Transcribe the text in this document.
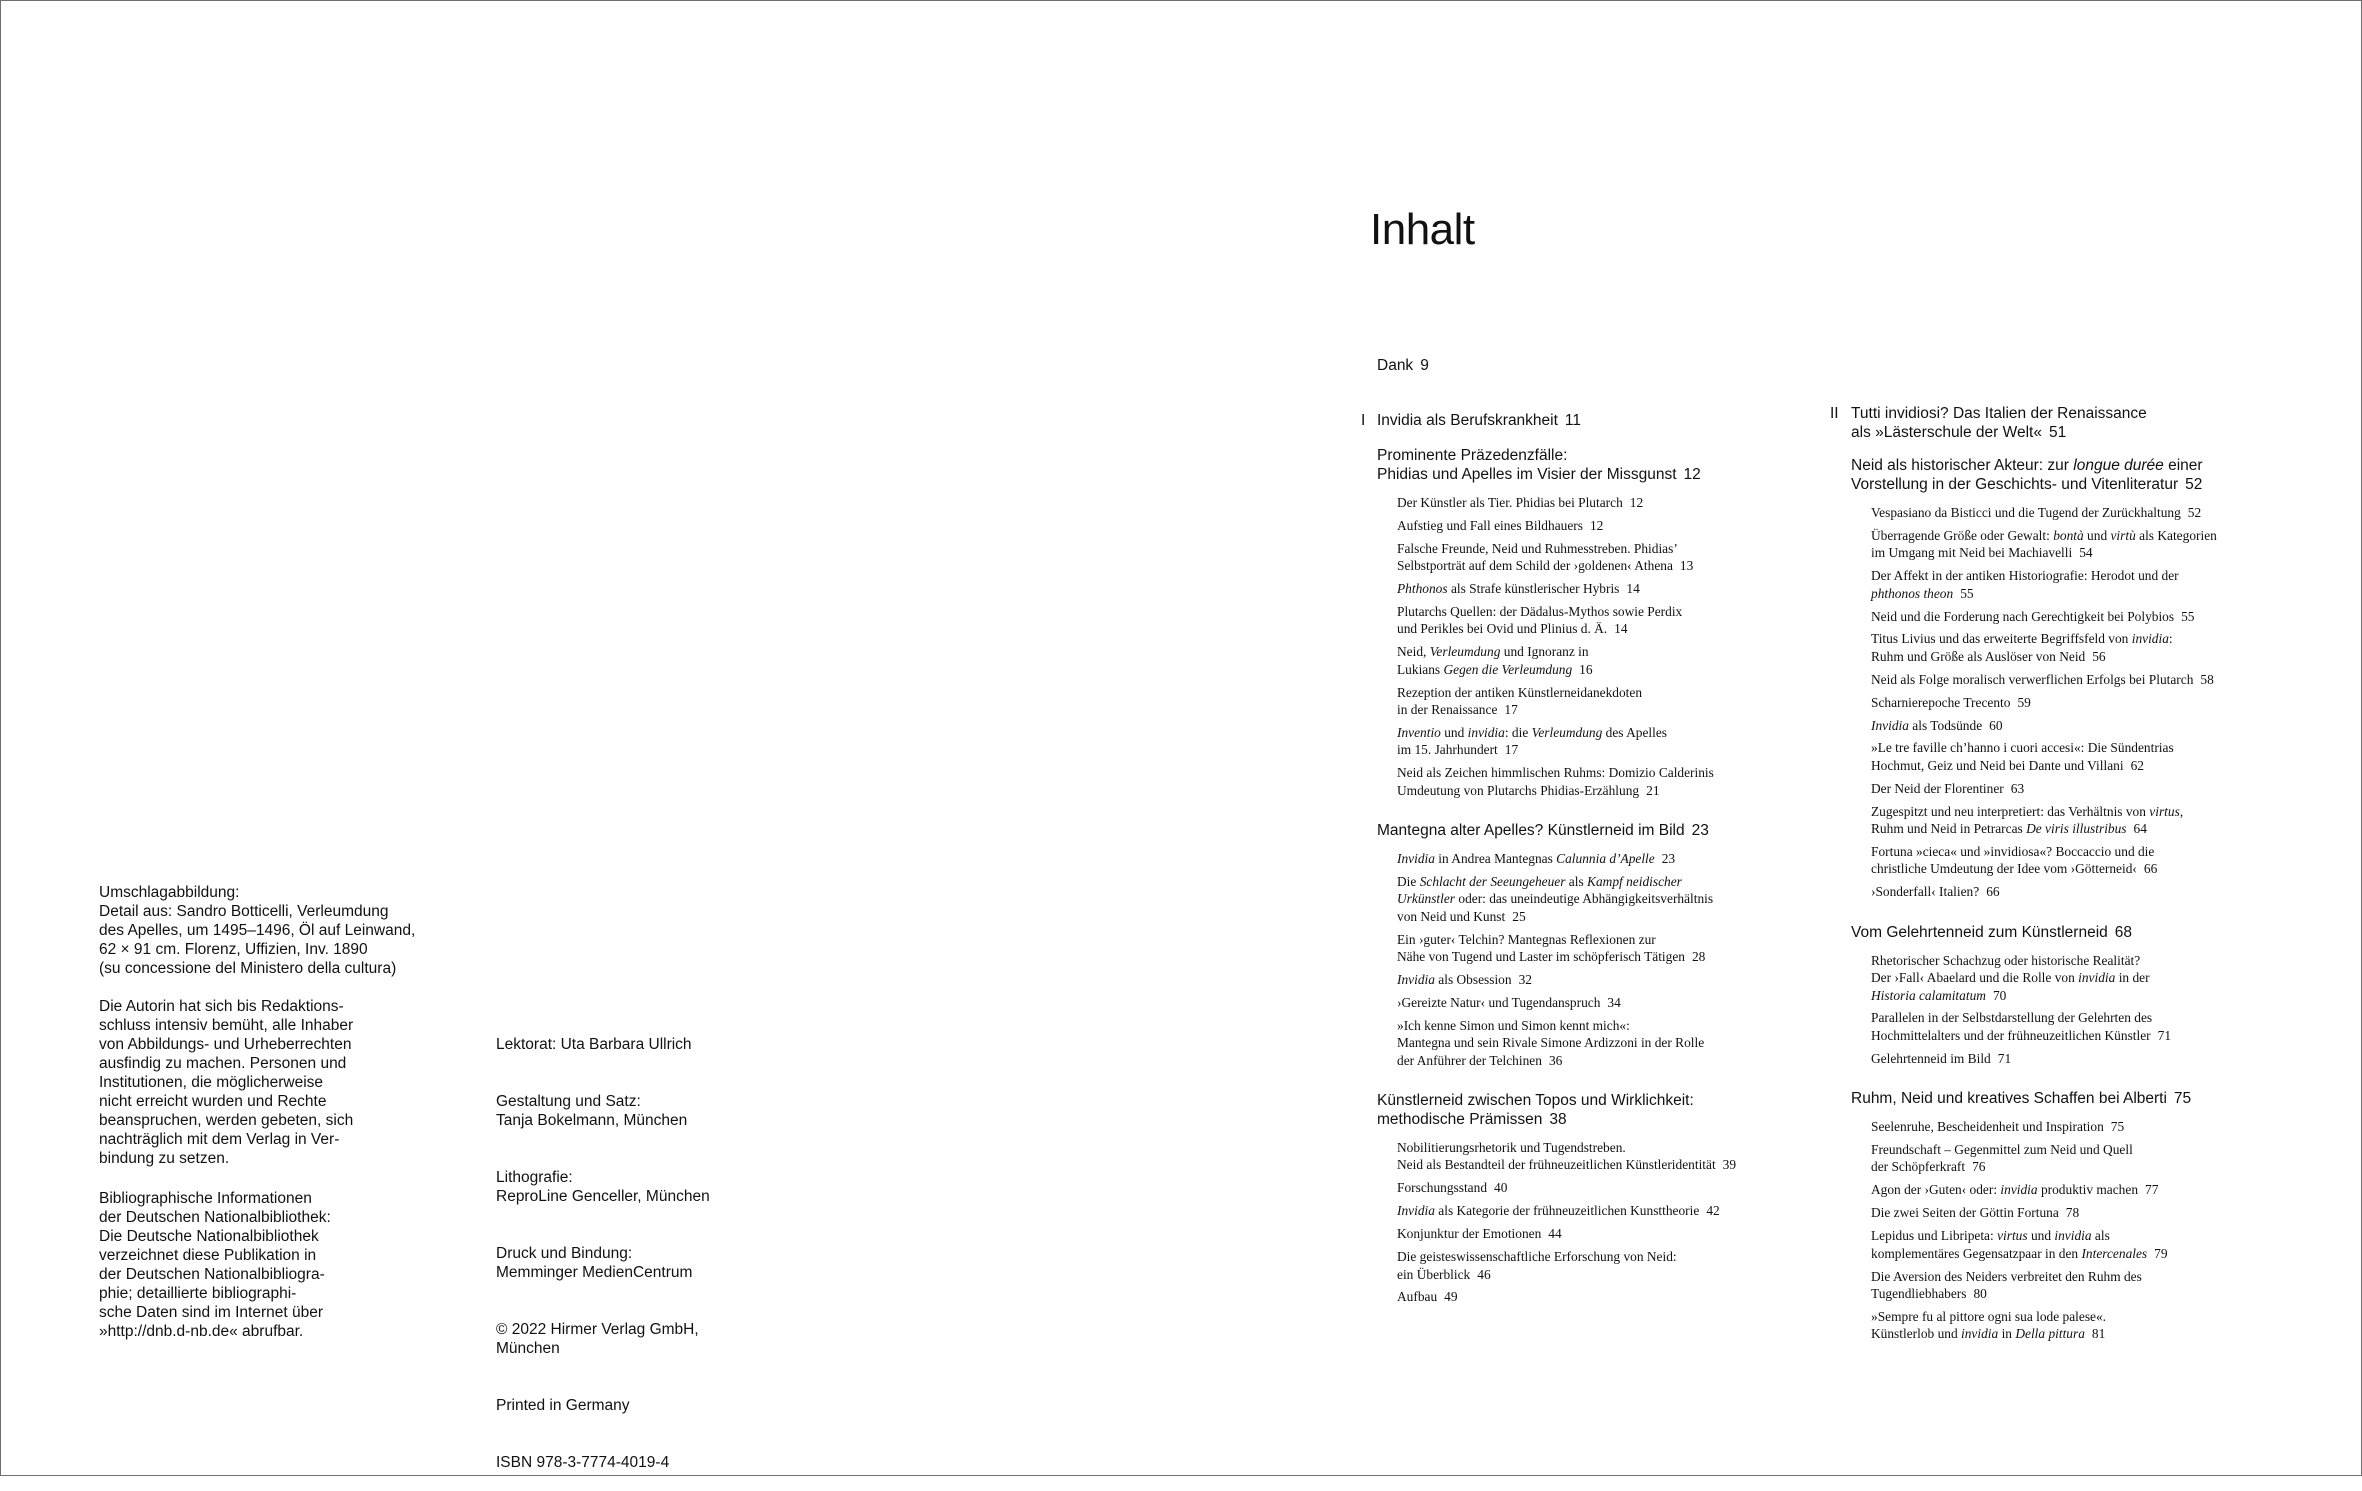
Umschlagabbildung:
Detail aus: Sandro Botticelli, Verleumdung
des Apelles, um 1495–1496, Öl auf Leinwand,
62 × 91 cm. Florenz, Uffizien, Inv. 1890
(su concessione del Ministero della cultura)
Die Autorin hat sich bis Redaktions-
schluss intensiv bemüht, alle Inhaber
von Abbildungs- und Urheberrechten
ausfindig zu machen. Personen und
Institutionen, die möglicherweise
nicht erreicht wurden und Rechte
beanspruchen, werden gebeten, sich
nachträglich mit dem Verlag in Ver-
bindung zu setzen.
Bibliographische Informationen
der Deutschen Nationalbibliothek:
Die Deutsche Nationalbibliothek
verzeichnet diese Publikation in
der Deutschen Nationalbibliogra-
phie; detaillierte bibliographi-
sche Daten sind im Internet über
»http://dnb.d-nb.de« abrufbar.

Lektorat: Uta Barbara Ullrich

Gestaltung und Satz:
Tanja Bokelmann, München

Lithografie:
ReproLine Genceller, München

Druck und Bindung:
Memminger MedienCentrum

© 2022 Hirmer Verlag GmbH,
München

Printed in Germany

ISBN 978-3-7774-4019-4

Inhalt
Dank 9
I Invidia als Berufskrankheit 11
Prominente Präzedenzfälle:
Phidias und Apelles im Visier der Missgunst 12
Der Künstler als Tier. Phidias bei Plutarch 12
Aufstieg und Fall eines Bildhauers 12
Falsche Freunde, Neid und Ruhmesstreben. Phidias’
Selbstporträt auf dem Schild der ›goldenen‹ Athena 13
Phthonos als Strafe künstlerischer Hybris 14
Plutarchs Quellen: der Dädalus-Mythos sowie Perdix
und Perikles bei Ovid und Plinius d. Ä. 14
Neid, Verleumdung und Ignoranz in
Lukians Gegen die Verleumdung 16
Rezeption der antiken Künstlerneidanekdoten
in der Renaissance 17
Inventio und invidia: die Verleumdung des Apelles
im 15. Jahrhundert 17
Neid als Zeichen himmlischen Ruhms: Domizio Calderinis
Umdeutung von Plutarchs Phidias-Erzählung 21
Mantegna alter Apelles? Künstlerneid im Bild 23
Invidia in Andrea Mantegnas Calunnia d’Apelle 23
Die Schlacht der Seeungeheuer als Kampf neidischer
Urkünstler oder: das uneindeutige Abhängigkeitsverhältnis
von Neid und Kunst 25
Ein ›guter‹ Telchin? Mantegnas Reflexionen zur
Nähe von Tugend und Laster im schöpferisch Tätigen 28
Invidia als Obsession 32
›Gereizte Natur‹ und Tugendanspruch 34
»Ich kenne Simon und Simon kennt mich«:
Mantegna und sein Rivale Simone Ardizzoni in der Rolle
der Anführer der Telchinen 36
Künstlerneid zwischen Topos und Wirklichkeit:
methodische Prämissen 38
Nobilitierungsrhetorik und Tugendstreben.
Neid als Bestandteil der frühneuzeitlichen Künstleridentität 39
Forschungsstand 40
Invidia als Kategorie der frühneuzeitlichen Kunsttheorie 42
Konjunktur der Emotionen 44
Die geisteswissenschaftliche Erforschung von Neid:
ein Überblick 46
Aufbau 49
II Tutti invidiosi? Das Italien der Renaissance
als »Lästerschule der Welt« 51
Neid als historischer Akteur: zur longue durée einer
Vorstellung in der Geschichts- und Vitenliteratur 52
Vespasiano da Bisticci und die Tugend der Zurückhaltung 52
Überragende Größe oder Gewalt: bontà und virtù als Kategorien
im Umgang mit Neid bei Machiavelli 54
Der Affekt in der antiken Historiografie: Herodot und der
phthonos theon 55
Neid und die Forderung nach Gerechtigkeit bei Polybios 55
Titus Livius und das erweiterte Begriffsfeld von invidia:
Ruhm und Größe als Auslöser von Neid 56
Neid als Folge moralisch verwerflichen Erfolgs bei Plutarch 58
Scharnierepoche Trecento 59
Invidia als Todsünde 60
»Le tre faville ch’hanno i cuori accesi«: Die Sündentrias
Hochmut, Geiz und Neid bei Dante und Villani 62
Der Neid der Florentiner 63
Zugespitzt und neu interpretiert: das Verhältnis von virtus,
Ruhm und Neid in Petrarcas De viris illustribus 64
Fortuna »cieca« und »invidiosa«? Boccaccio und die
christliche Umdeutung der Idee vom ›Götterneid‹ 66
›Sonderfall‹ Italien? 66
Vom Gelehrtenneid zum Künstlerneid 68
Rhetorischer Schachzug oder historische Realität?
Der ›Fall‹ Abaelard und die Rolle von invidia in der
Historia calamitatum 70
Parallelen in der Selbstdarstellung der Gelehrten des
Hochmittelalters und der frühneuzeitlichen Künstler 71
Gelehrtenneid im Bild 71
Ruhm, Neid und kreatives Schaffen bei Alberti 75
Seelenruhe, Bescheidenheit und Inspiration 75
Freundschaft – Gegenmittel zum Neid und Quell
der Schöpferkraft 76
Agon der ›Guten‹ oder: invidia produktiv machen 77
Die zwei Seiten der Göttin Fortuna 78
Lepidus und Libripeta: virtus und invidia als
komplementäres Gegensatzpaar in den Intercenales 79
Die Aversion des Neiders verbreitet den Ruhm des
Tugendliebhabers 80
»Sempre fu al pittore ogni sua lode palese«.
Künstlerlob und invidia in Della pittura 81
